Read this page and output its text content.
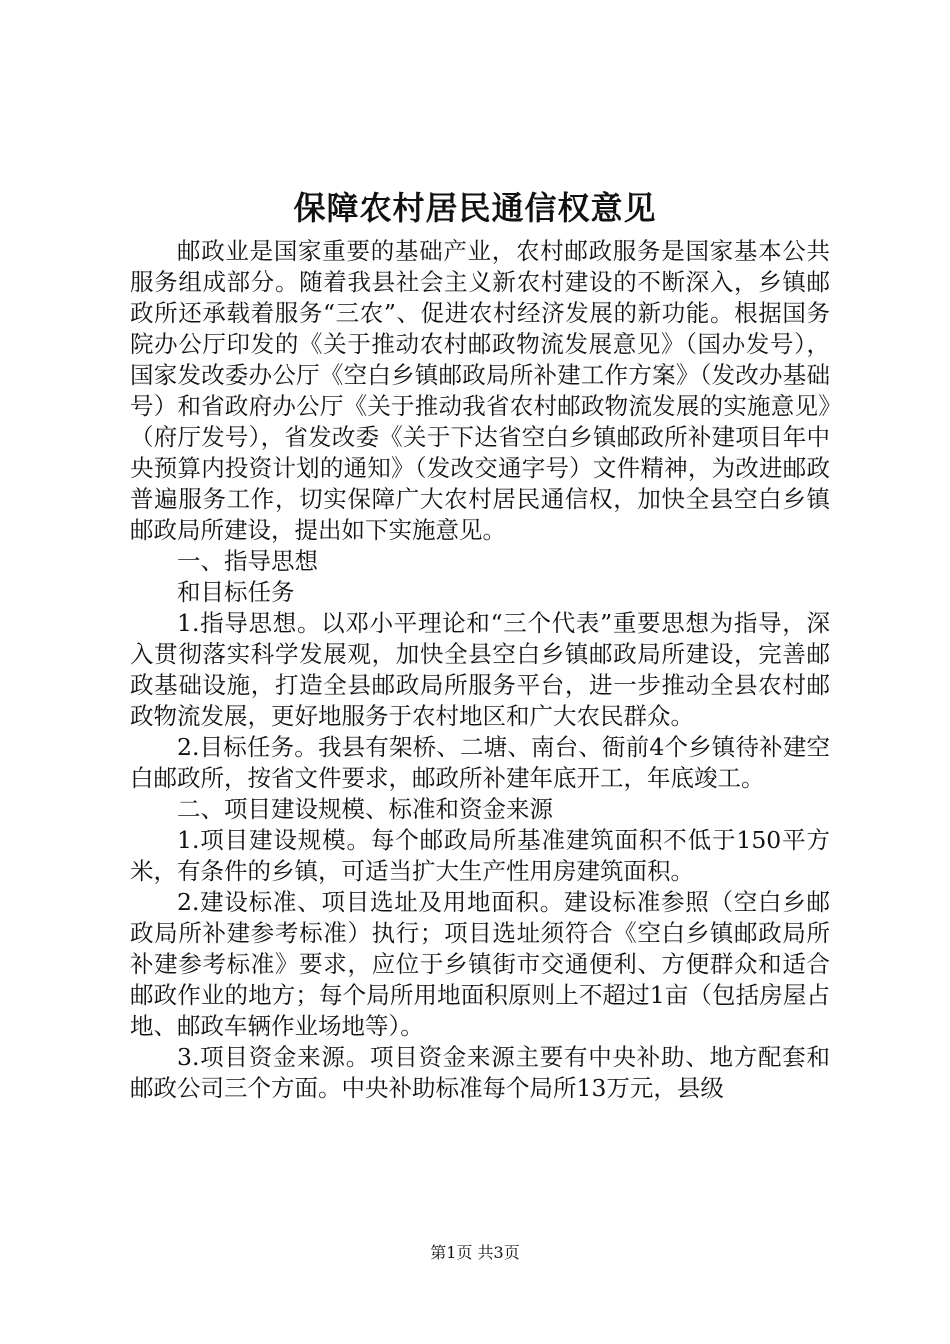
保障农村居民通信权意见

邮政业是国家重要的基础产业，农村邮政服务是国家基本公共服务组成部分。随着我县社会主义新农村建设的不断深入，乡镇邮政所还承载着服务“三农”、促进农村经济发展的新功能。根据国务院办公厅印发的《关于推动农村邮政物流发展意见》（国办发号），国家发改委办公厅《空白乡镇邮政局所补建工作方案》（发改办基础号）和省政府办公厅《关于推动我省农村邮政物流发展的实施意见》（府厅发号），省发改委《关于下达省空白乡镇邮政所补建项目年中央预算内投资计划的通知》（发改交通字号）文件精神，为改进邮政普遍服务工作，切实保障广大农村居民通信权，加快全县空白乡镇邮政局所建设，提出如下实施意见。

一、指导思想

和目标任务

1.指导思想。以邓小平理论和“三个代表”重要思想为指导，深入贯彻落实科学发展观，加快全县空白乡镇邮政局所建设，完善邮政基础设施，打造全县邮政局所服务平台，进一步推动全县农村邮政物流发展，更好地服务于农村地区和广大农民群众。

2.目标任务。我县有架桥、二塘、南台、衙前4个乡镇待补建空白邮政所，按省文件要求，邮政所补建年底开工，年底竣工。

二、项目建设规模、标准和资金来源

1.项目建设规模。每个邮政局所基准建筑面积不低于150平方米，有条件的乡镇，可适当扩大生产性用房建筑面积。

2.建设标准、项目选址及用地面积。建设标准参照（空白乡邮政局所补建参考标准）执行；项目选址须符合《空白乡镇邮政局所补建参考标准》要求，应位于乡镇街市交通便利、方便群众和适合邮政作业的地方；每个局所用地面积原则上不超过1亩（包括房屋占地、邮政车辆作业场地等）。

3.项目资金来源。项目资金来源主要有中央补助、地方配套和邮政公司三个方面。中央补助标准每个局所13万元，县级

第1页 共3页
